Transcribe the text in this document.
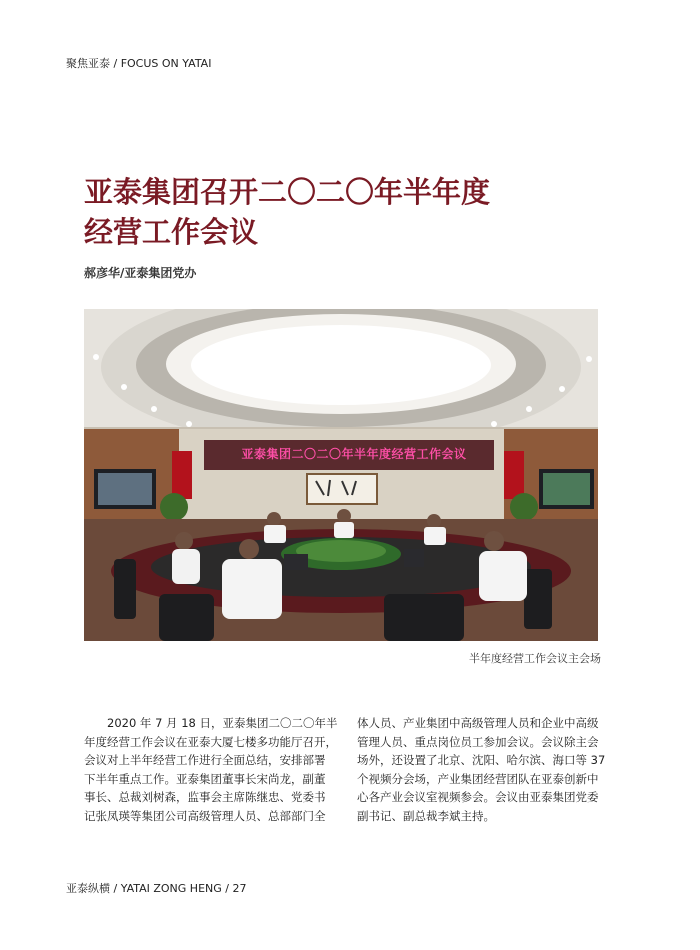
聚焦亚泰 / FOCUS ON YATAI
亚泰集团召开二〇二〇年半年度
经营工作会议
郝彦华/亚泰集团党办
亚泰集团二〇二〇年半年度经营工作会议
半年度经营工作会议主会场
2020 年 7 月 18 日，亚泰集团二〇二〇年半
年度经营工作会议在亚泰大厦七楼多功能厅召开，
会议对上半年经营工作进行全面总结，安排部署
下半年重点工作。亚泰集团董事长宋尚龙，副董
事长、总裁刘树森，监事会主席陈继忠、党委书
记张凤瑛等集团公司高级管理人员、总部部门全
体人员、产业集团中高级管理人员和企业中高级
管理人员、重点岗位员工参加会议。会议除主会
场外，还设置了北京、沈阳、哈尔滨、海口等 37
个视频分会场，产业集团经营团队在亚泰创新中
心各产业会议室视频参会。会议由亚泰集团党委
副书记、副总裁李斌主持。
亚泰纵横 / YATAI ZONG HENG / 27
